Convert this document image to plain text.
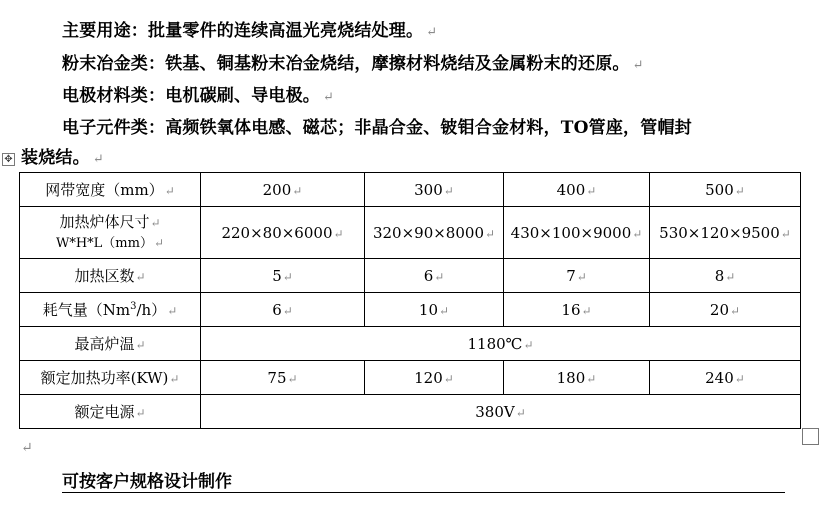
主要用途：批量零件的连续高温光亮烧结处理。 ↵
粉末冶金类：铁基、铜基粉末冶金烧结，摩擦材料烧结及金属粉末的还原。 ↵
电极材料类：电机碳刷、导电极。 ↵
电子元件类：高频铁氧体电感、磁芯；非晶合金、铍钼合金材料，TO管座，管帽封
✥ 装烧结。 ↵
网带宽度（mm）↵	200↵	300↵	400↵	500↵

加热炉体尺寸↵
W*H*L（mm）↵	220×80×6000↵	320×90×8000↵	430×100×9000↵	530×120×9500↵
加热区数↵	5↵	6↵	7↵	8↵
耗气量（Nm$^3$/h）↵	6↵	10↵	16↵	20↵
最高炉温↵	1180℃↵			
额定加热功率(KW)↵	75↵	120↵	180↵	240↵
额定电源↵	380V↵			
↵
可按客户规格设计制作
